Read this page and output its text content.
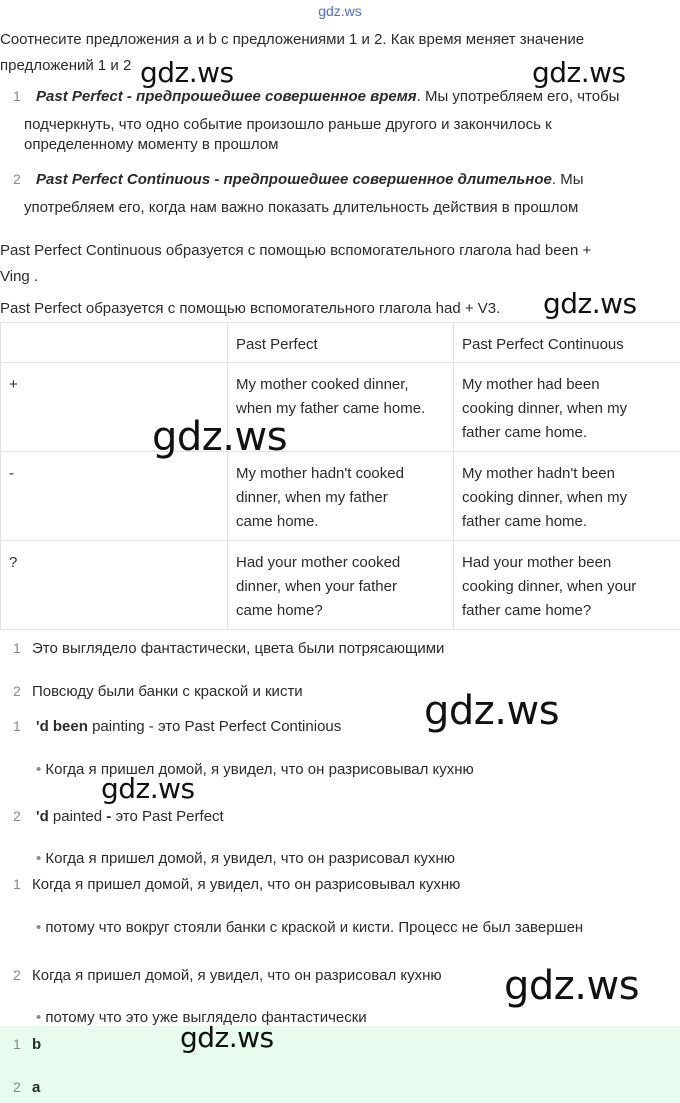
gdz.ws
Соотнесите предложения a и b с предложениями 1 и 2. Как время меняет значение
предложений 1 и 2
1 Past Perfect - предпрошедшее совершенное время. Мы употребляем его, чтобы
подчеркнуть, что одно событие произошло раньше другого и закончилось к
определенному моменту в прошлом
2 Past Perfect Continuous - предпрошедшее совершенное длительное. Мы
употребляем его, когда нам важно показать длительность действия в прошлом
Past Perfect Continuous образуется с помощью вспомогательного глагола had been +
Ving .
Past Perfect образуется с помощью вспомогательного глагола had + V3.
	Past Perfect	Past Perfect Continuous
+	My mother cooked dinner,
when my father came home.	My mother had been
cooking dinner, when my
father came home.
-	My mother hadn't cooked
dinner, when my father
came home.	My mother hadn't been
cooking dinner, when my
father came home.
?	Had your mother cooked
dinner, when your father
came home?	Had your mother been
cooking dinner, when your
father came home?
1 Это выглядело фантастически, цвета были потрясающими
2 Повсюду были банки с краской и кисти
1 'd been painting - это Past Perfect Continious
• Когда я пришел домой, я увидел, что он разрисовывал кухню
2 'd painted - это Past Perfect
• Когда я пришел домой, я увидел, что он разрисовал кухню
1 Когда я пришел домой, я увидел, что он разрисовывал кухню
• потому что вокруг стояли банки с краской и кисти. Процесс не был завершен
2 Когда я пришел домой, я увидел, что он разрисовал кухню
• потому что это уже выглядело фантастически
1 b
2 a
gdz.ws	gdz.ws
gdz.ws
gdz.ws
gdz.ws
gdz.ws
gdz.ws
gdz.ws
